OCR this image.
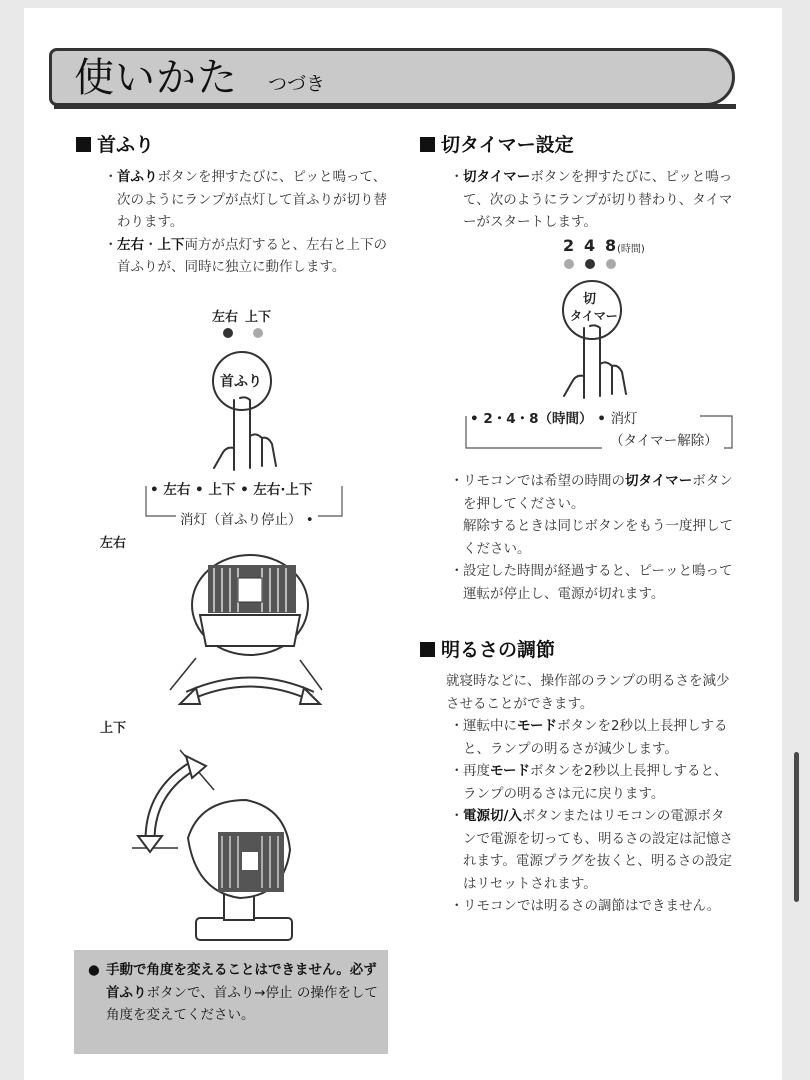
使いかた つづき
首ふり
・ 首ふりボタンを押すたびに、ピッと鳴って、次のようにランプが点灯して首ふりが切り替わります。
・ 左右・上下両方が点灯すると、左右と上下の首ふりが、同時に独立に動作します。
左右 上下
首ふり
• 左右 • 上下 • 左右·上下
消灯（首ふり停止） •
左右
上下
● 手動で角度を変えることはできません。必ず首ふりボタンで、首ふり→停止 の操作をして角度を変えてください。
切タイマー設定
・ 切タイマーボタンを押すたびに、ピッと鳴って、次のようにランプが切り替わり、タイマーがスタートします。
2 4 8 (時間)
切
タイマー
• 2・4・8（時間） • 消灯
（タイマー解除）
・ リモコンでは希望の時間の切タイマーボタンを押してください。
解除するときは同じボタンをもう一度押してください。
・ 設定した時間が経過すると、ピーッと鳴って運転が停止し、電源が切れます。
明るさの調節
就寝時などに、操作部のランプの明るさを減少させることができます。
・ 運転中にモードボタンを2秒以上長押しすると、ランプの明るさが減少します。
・ 再度モードボタンを2秒以上長押しすると、ランプの明るさは元に戻ります。
・ 電源切/入ボタンまたはリモコンの電源ボタンで電源を切っても、明るさの設定は記憶されます。電源プラグを抜くと、明るさの設定はリセットされます。
・ リモコンでは明るさの調節はできません。
